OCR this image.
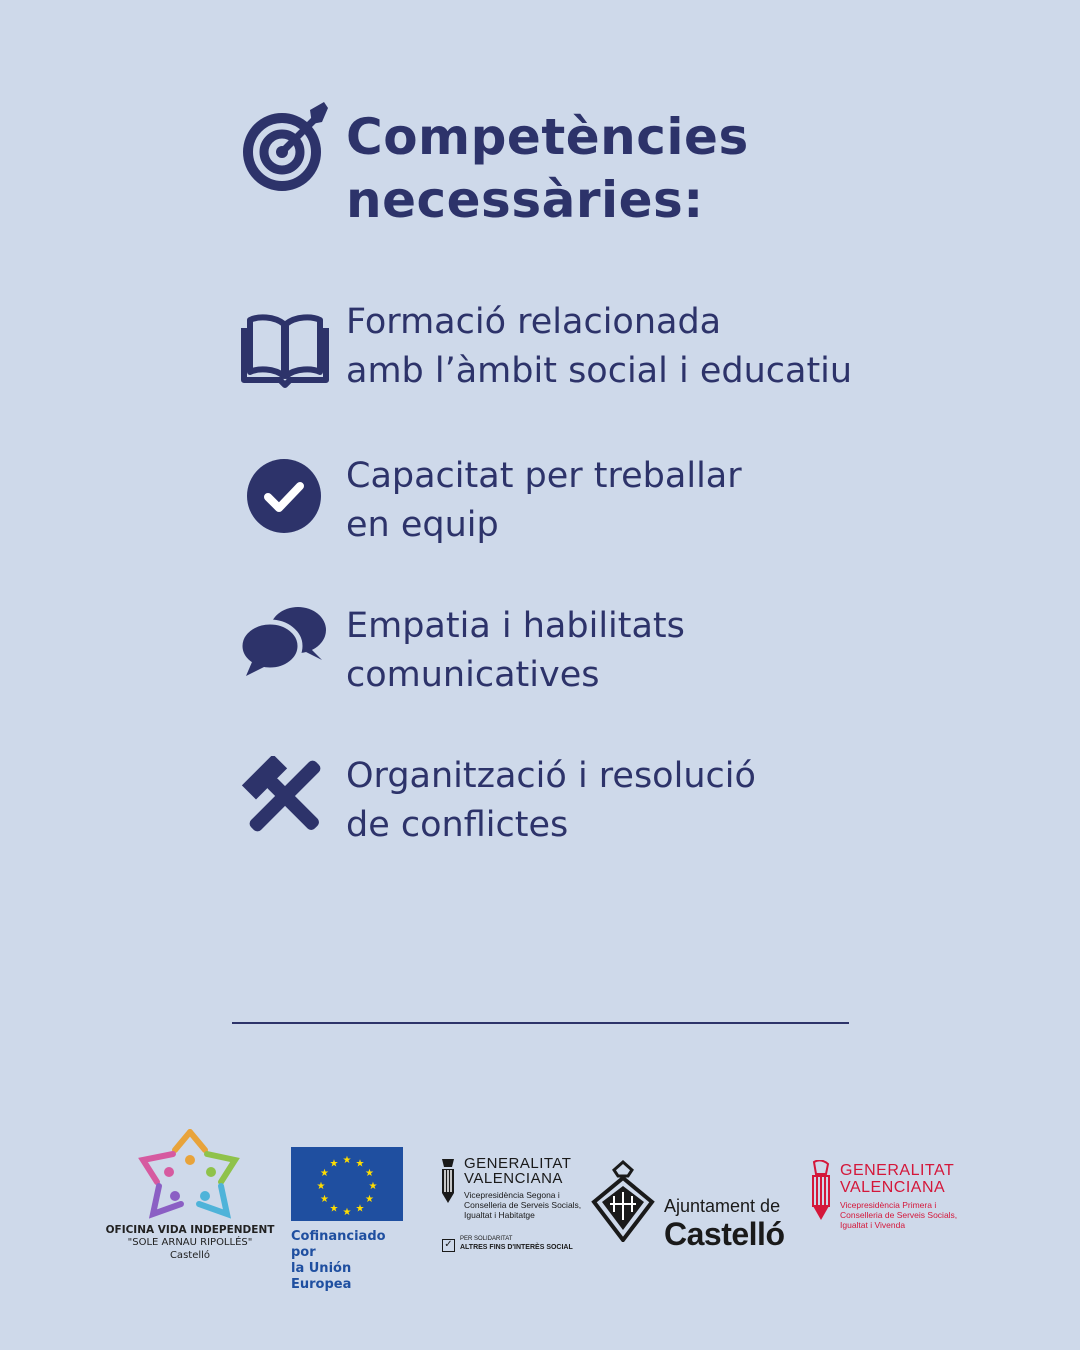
Competències
necessàries:
Formació relacionada
amb l’àmbit social i educatiu
Capacitat per treballar
en equip
Empatia i habilitats
comunicatives
Organització i resolució
de conflictes
OFICINA VIDA INDEPENDENT
"SOLE ARNAU RIPOLLÉS"
Castelló
★ ★
★
★
★
★
★
★
★
★
★
★
Cofinanciado por
la Unión Europea
GENERALITAT
VALENCIANA
Vicepresidència Segona i
Conselleria de Serveis Socials,
Igualtat i Habitatge
✓	PER SOLIDARITAT
ALTRES FINS D'INTERÈS SOCIAL
Ajuntament de
Castelló
GENERALITAT
VALENCIANA
Vicepresidència Primera i
Conselleria de Serveis Socials,
Igualtat i Vivenda
